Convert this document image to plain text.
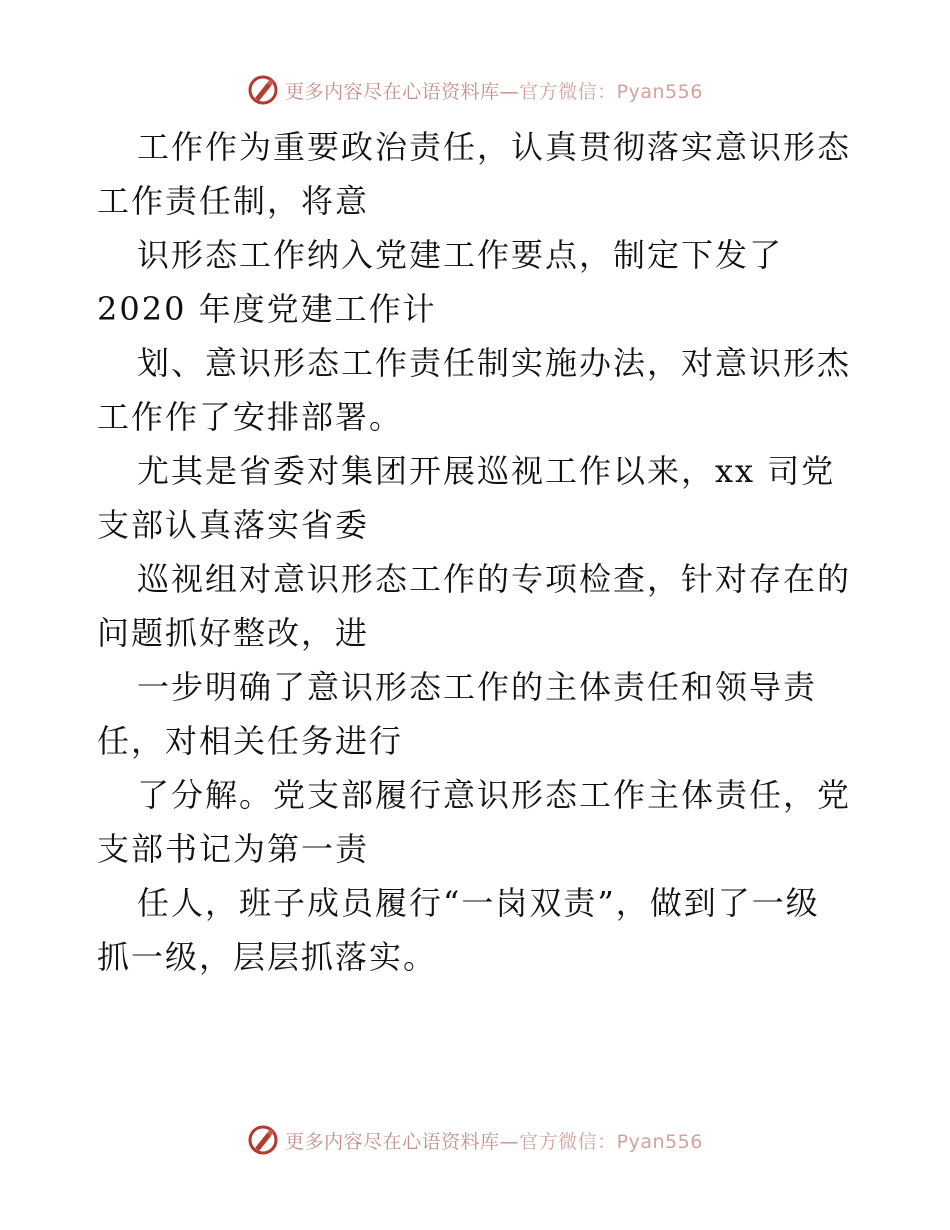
更多内容尽在心语资料库—官方微信：Pyan556
工作作为重要政治责任，认真贯彻落实意识形态
工作责任制，将意
识形态工作纳入党建工作要点，制定下发了
2020 年度党建工作计
划、意识形态工作责任制实施办法，对意识形杰
工作作了安排部署。
尤其是省委对集团开展巡视工作以来，xx 司党
支部认真落实省委
巡视组对意识形态工作的专项检查，针对存在的
问题抓好整改，进
一步明确了意识形态工作的主体责任和领导责
任，对相关任务进行
了分解。党支部履行意识形态工作主体责任，党
支部书记为第一责
任人，班子成员履行“一岗双责”，做到了一级
抓一级，层层抓落实。
更多内容尽在心语资料库—官方微信：Pyan556
